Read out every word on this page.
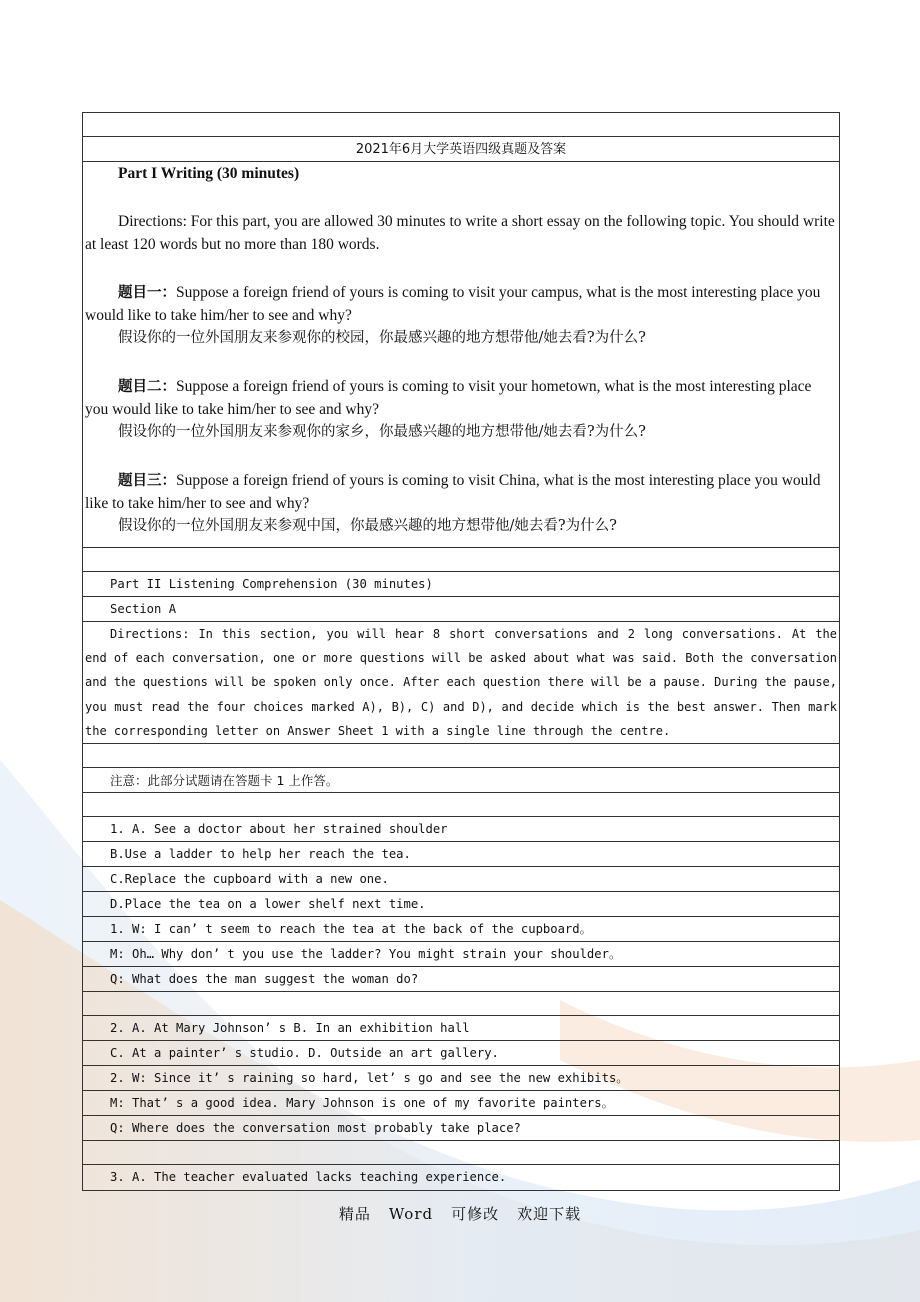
2021年6月大学英语四级真题及答案

Part I Writing (30 minutes)

Directions: For this part, you are allowed 30 minutes to write a short essay on the following topic. You should write at least 120 words but no more than 180 words.

题目一：Suppose a foreign friend of yours is coming to visit your campus, what is the most interesting place you would like to take him/her to see and why?

假设你的一位外国朋友来参观你的校园，你最感兴趣的地方想带他/她去看?为什么?

题目二：Suppose a foreign friend of yours is coming to visit your hometown, what is the most interesting place you would like to take him/her to see and why?

假设你的一位外国朋友来参观你的家乡，你最感兴趣的地方想带他/她去看?为什么?

题目三：Suppose a foreign friend of yours is coming to visit China, what is the most interesting place you would like to take him/her to see and why?

假设你的一位外国朋友来参观中国，你最感兴趣的地方想带他/她去看?为什么?

Part II Listening Comprehension (30 minutes)
Section A
Directions: In this section, you will hear 8 short conversations and 2 long conversations. At the end of each conversation, one or more questions will be asked about what was said. Both the conversation and the questions will be spoken only once. After each question there will be a pause. During the pause, you must read the four choices marked A), B), C) and D), and decide which is the best answer. Then mark the corresponding letter on Answer Sheet 1 with a single line through the centre.
注意：此部分试题请在答题卡 1 上作答。
1. A. See a doctor about her strained shoulder
B.Use a ladder to help her reach the tea.
C.Replace the cupboard with a new one.
D.Place the tea on a lower shelf next time.
1. W: I can’ t seem to reach the tea at the back of the cupboard。
M: Oh… Why don’ t you use the ladder? You might strain your shoulder。
Q: What does the man suggest the woman do?
2. A. At Mary Johnson’ s B. In an exhibition hall
C. At a painter’ s studio. D. Outside an art gallery.
2. W: Since it’ s raining so hard, let’ s go and see the new exhibits。
M: That’ s a good idea. Mary Johnson is one of my favorite painters。
Q: Where does the conversation most probably take place?
3. A. The teacher evaluated lacks teaching experience.
精品 Word 可修改 欢迎下载
